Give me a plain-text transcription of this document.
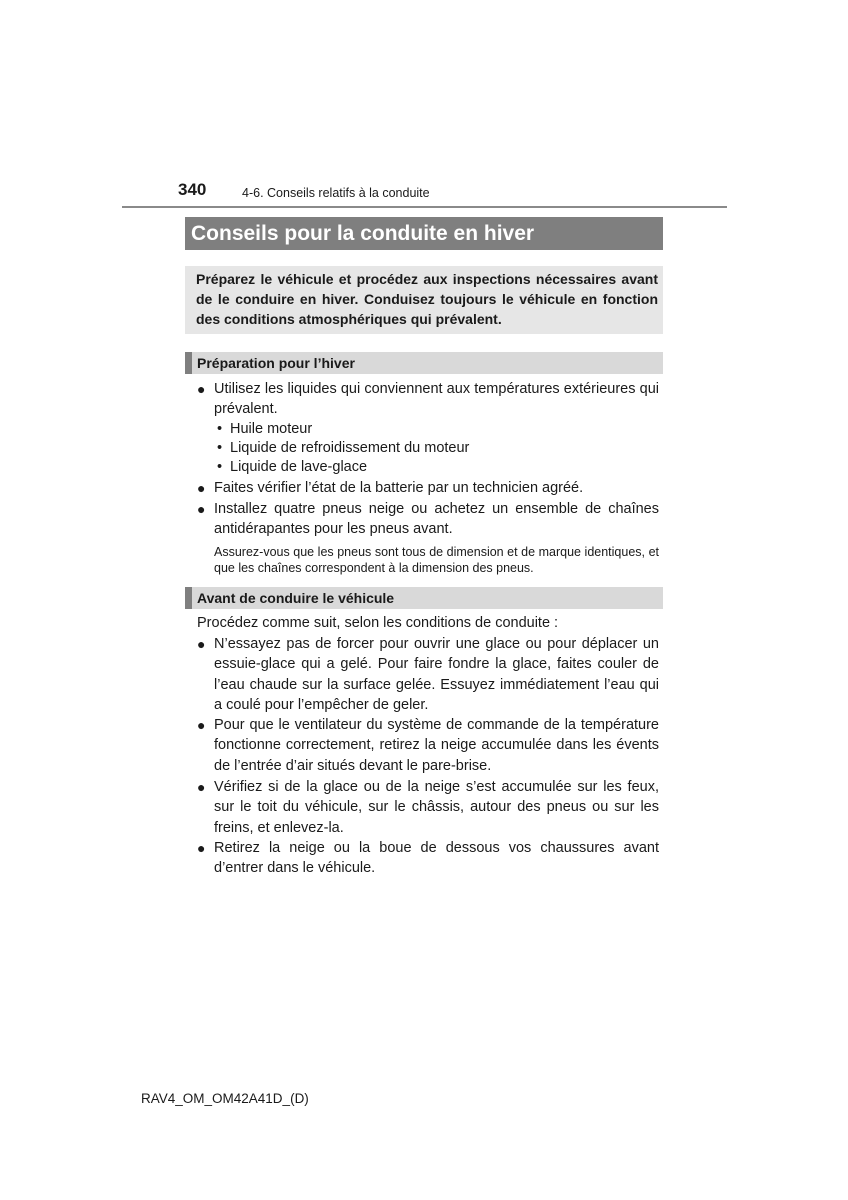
340	4-6. Conseils relatifs à la conduite
Conseils pour la conduite en hiver
Préparez le véhicule et procédez aux inspections nécessaires avant de le conduire en hiver. Conduisez toujours le véhicule en fonction des conditions atmosphériques qui prévalent.
Préparation pour l’hiver
● Utilisez les liquides qui conviennent aux températures extérieures qui prévalent.
• Huile moteur
• Liquide de refroidissement du moteur
• Liquide de lave-glace
● Faites vérifier l’état de la batterie par un technicien agréé.
● Installez quatre pneus neige ou achetez un ensemble de chaînes antidérapantes pour les pneus avant.
Assurez-vous que les pneus sont tous de dimension et de marque identiques, et que les chaînes correspondent à la dimension des pneus.
Avant de conduire le véhicule
Procédez comme suit, selon les conditions de conduite :
● N’essayez pas de forcer pour ouvrir une glace ou pour déplacer un essuie-glace qui a gelé. Pour faire fondre la glace, faites couler de l’eau chaude sur la surface gelée. Essuyez immédiatement l’eau qui a coulé pour l’empêcher de geler.
● Pour que le ventilateur du système de commande de la température fonctionne correctement, retirez la neige accumulée dans les évents de l’entrée d’air situés devant le pare-brise.
● Vérifiez si de la glace ou de la neige s’est accumulée sur les feux, sur le toit du véhicule, sur le châssis, autour des pneus ou sur les freins, et enlevez-la.
● Retirez la neige ou la boue de dessous vos chaussures avant d’entrer dans le véhicule.
RAV4_OM_OM42A41D_(D)
